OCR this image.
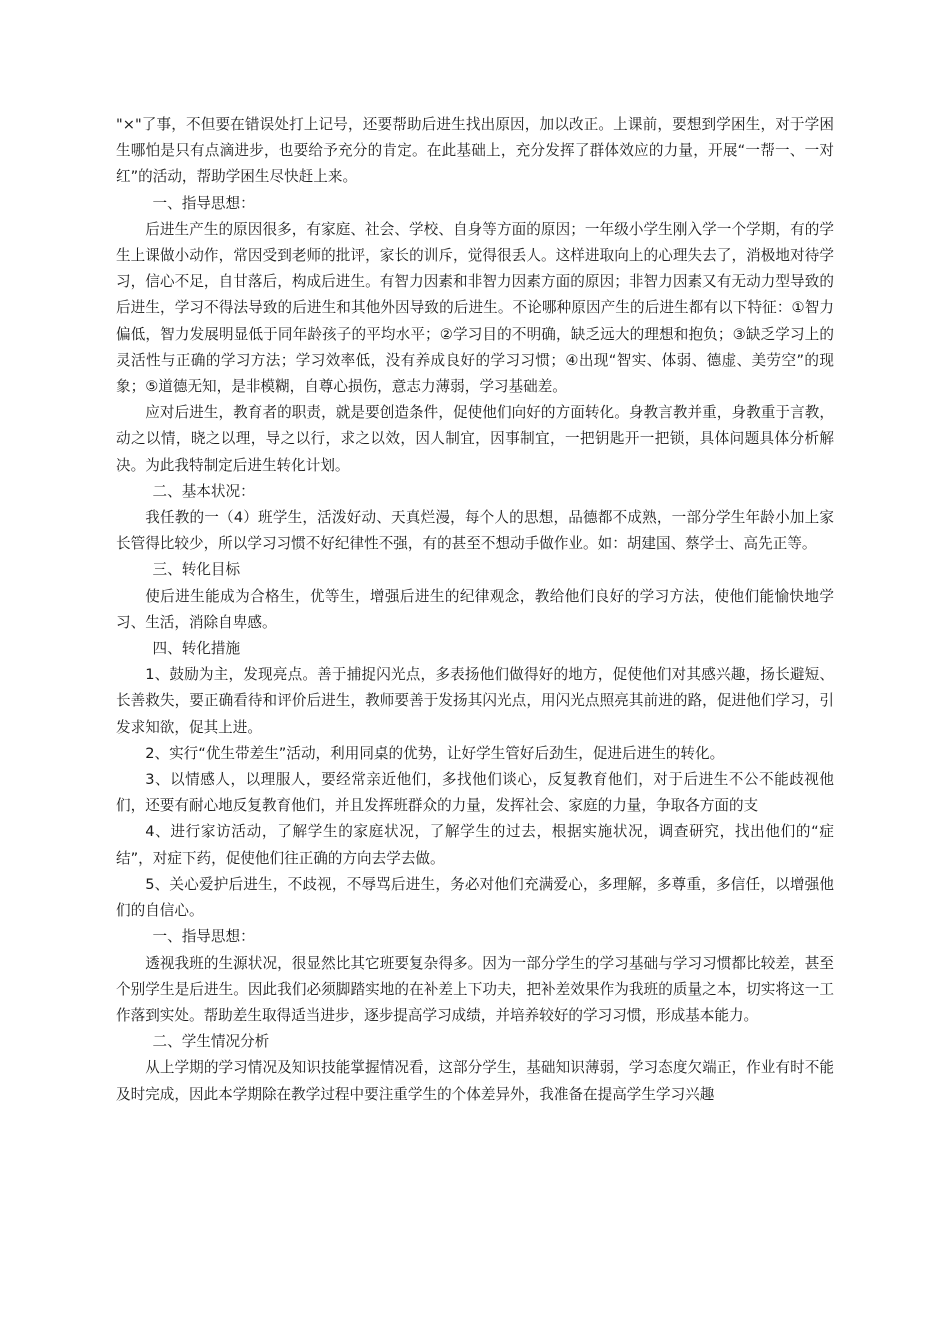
"×"了事，不但要在错误处打上记号，还要帮助后进生找出原因，加以改正。上课前，要想到学困生，对于学困生哪怕是只有点滴进步，也要给予充分的肯定。在此基础上，充分发挥了群体效应的力量，开展“一帮一、一对红”的活动，帮助学困生尽快赶上来。

一、指导思想：

后进生产生的原因很多，有家庭、社会、学校、自身等方面的原因；一年级小学生刚入学一个学期，有的学生上课做小动作，常因受到老师的批评，家长的训斥，觉得很丢人。这样进取向上的心理失去了，消极地对待学习，信心不足，自甘落后，构成后进生。有智力因素和非智力因素方面的原因；非智力因素又有无动力型导致的后进生，学习不得法导致的后进生和其他外因导致的后进生。不论哪种原因产生的后进生都有以下特征：①智力偏低，智力发展明显低于同年龄孩子的平均水平；②学习目的不明确，缺乏远大的理想和抱负；③缺乏学习上的灵活性与正确的学习方法；学习效率低，没有养成良好的学习习惯；④出现“智实、体弱、德虚、美劳空”的现象；⑤道德无知，是非模糊，自尊心损伤，意志力薄弱，学习基础差。

应对后进生，教育者的职责，就是要创造条件，促使他们向好的方面转化。身教言教并重，身教重于言教，动之以情，晓之以理，导之以行，求之以效，因人制宜，因事制宜，一把钥匙开一把锁，具体问题具体分析解决。为此我特制定后进生转化计划。

二、基本状况：

我任教的一（4）班学生，活泼好动、天真烂漫，每个人的思想，品德都不成熟，一部分学生年龄小加上家长管得比较少，所以学习习惯不好纪律性不强，有的甚至不想动手做作业。如：胡建国、蔡学士、高先正等。

三、转化目标

使后进生能成为合格生，优等生，增强后进生的纪律观念，教给他们良好的学习方法，使他们能愉快地学习、生活，消除自卑感。

四、转化措施

1、鼓励为主，发现亮点。善于捕捉闪光点，多表扬他们做得好的地方，促使他们对其感兴趣，扬长避短、长善救失，要正确看待和评价后进生，教师要善于发扬其闪光点，用闪光点照亮其前进的路，促进他们学习，引发求知欲，促其上进。

2、实行“优生带差生”活动，利用同桌的优势，让好学生管好后劲生，促进后进生的转化。

3、以情感人，以理服人，要经常亲近他们，多找他们谈心，反复教育他们，对于后进生不公不能歧视他们，还要有耐心地反复教育他们，并且发挥班群众的力量，发挥社会、家庭的力量，争取各方面的支

4、进行家访活动，了解学生的家庭状况，了解学生的过去，根据实施状况，调查研究，找出他们的“症结”，对症下药，促使他们往正确的方向去学去做。

5、关心爱护后进生，不歧视，不辱骂后进生，务必对他们充满爱心，多理解，多尊重，多信任，以增强他们的自信心。

一、指导思想：

透视我班的生源状况，很显然比其它班要复杂得多。因为一部分学生的学习基础与学习习惯都比较差，甚至个别学生是后进生。因此我们必须脚踏实地的在补差上下功夫，把补差效果作为我班的质量之本，切实将这一工作落到实处。帮助差生取得适当进步，逐步提高学习成绩，并培养较好的学习习惯，形成基本能力。

二、学生情况分析

从上学期的学习情况及知识技能掌握情况看，这部分学生，基础知识薄弱，学习态度欠端正，作业有时不能及时完成，因此本学期除在教学过程中要注重学生的个体差异外，我准备在提高学生学习兴趣
